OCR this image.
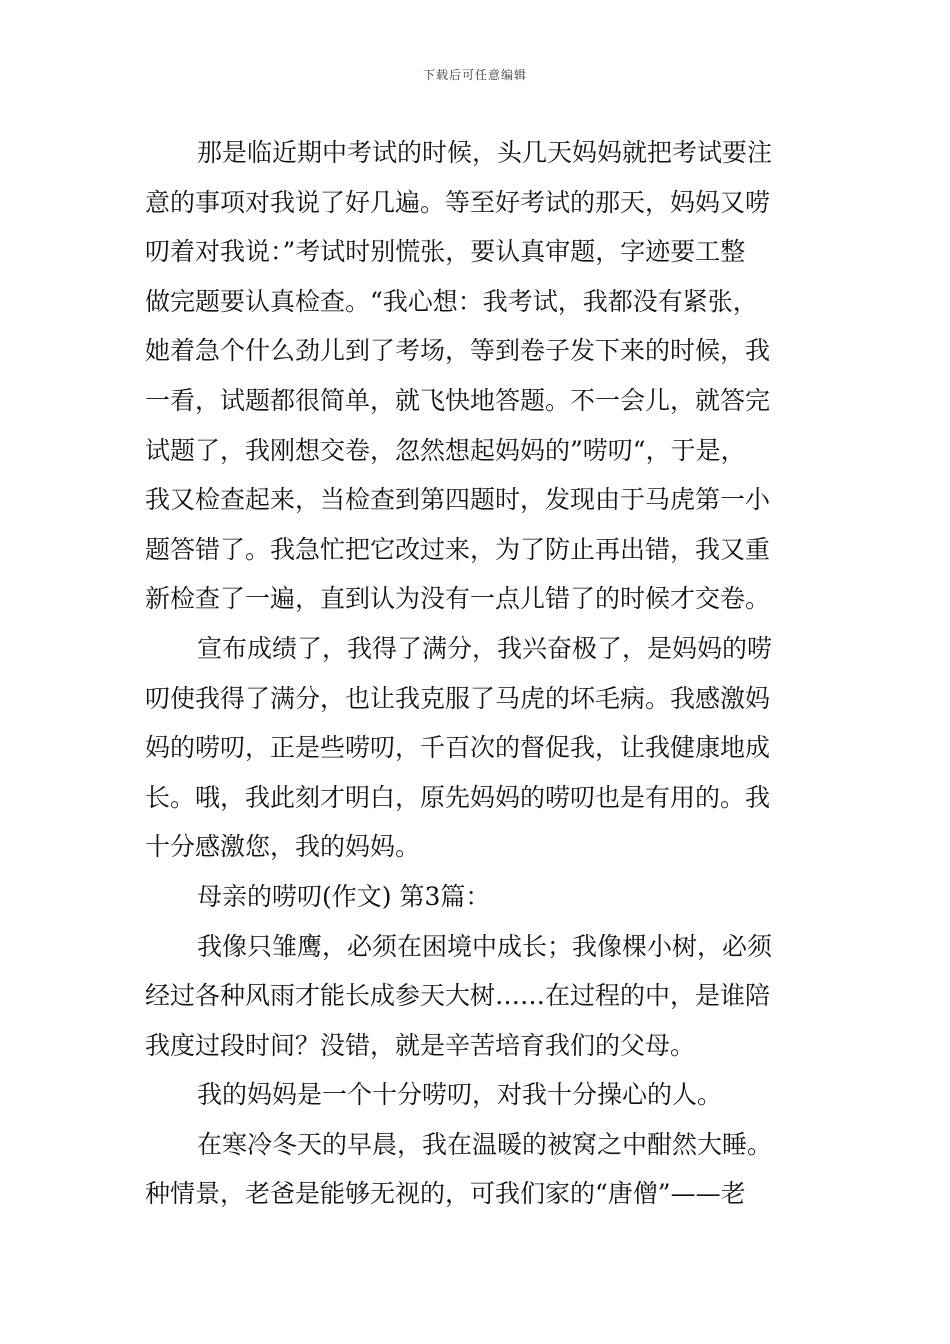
下载后可任意编辑
那是临近期中考试的时候，头几天妈妈就把考试要注
意的事项对我说了好几遍。等至好考试的那天，妈妈又唠
叨着对我说：”考试时别慌张，要认真审题，字迹要工整
做完题要认真检查。“我心想：我考试，我都没有紧张，
她着急个什么劲儿到了考场，等到卷子发下来的时候，我
一看，试题都很简单，就飞快地答题。不一会儿，就答完
试题了，我刚想交卷，忽然想起妈妈的”唠叨“，于是，
我又检查起来，当检查到第四题时，发现由于马虎第一小
题答错了。我急忙把它改过来，为了防止再出错，我又重
新检查了一遍，直到认为没有一点儿错了的时候才交卷。
宣布成绩了，我得了满分，我兴奋极了，是妈妈的唠
叨使我得了满分，也让我克服了马虎的坏毛病。我感激妈
妈的唠叨，正是些唠叨，千百次的督促我，让我健康地成
长。哦，我此刻才明白，原先妈妈的唠叨也是有用的。我
十分感激您，我的妈妈。
母亲的唠叨(作文) 第3篇：
我像只雏鹰，必须在困境中成长；我像棵小树，必须
经过各种风雨才能长成参天大树……在过程的中，是谁陪
我度过段时间？没错，就是辛苦培育我们的父母。
我的妈妈是一个十分唠叨，对我十分操心的人。
在寒冷冬天的早晨，我在温暖的被窝之中酣然大睡。
种情景，老爸是能够无视的，可我们家的“唐僧”——老
